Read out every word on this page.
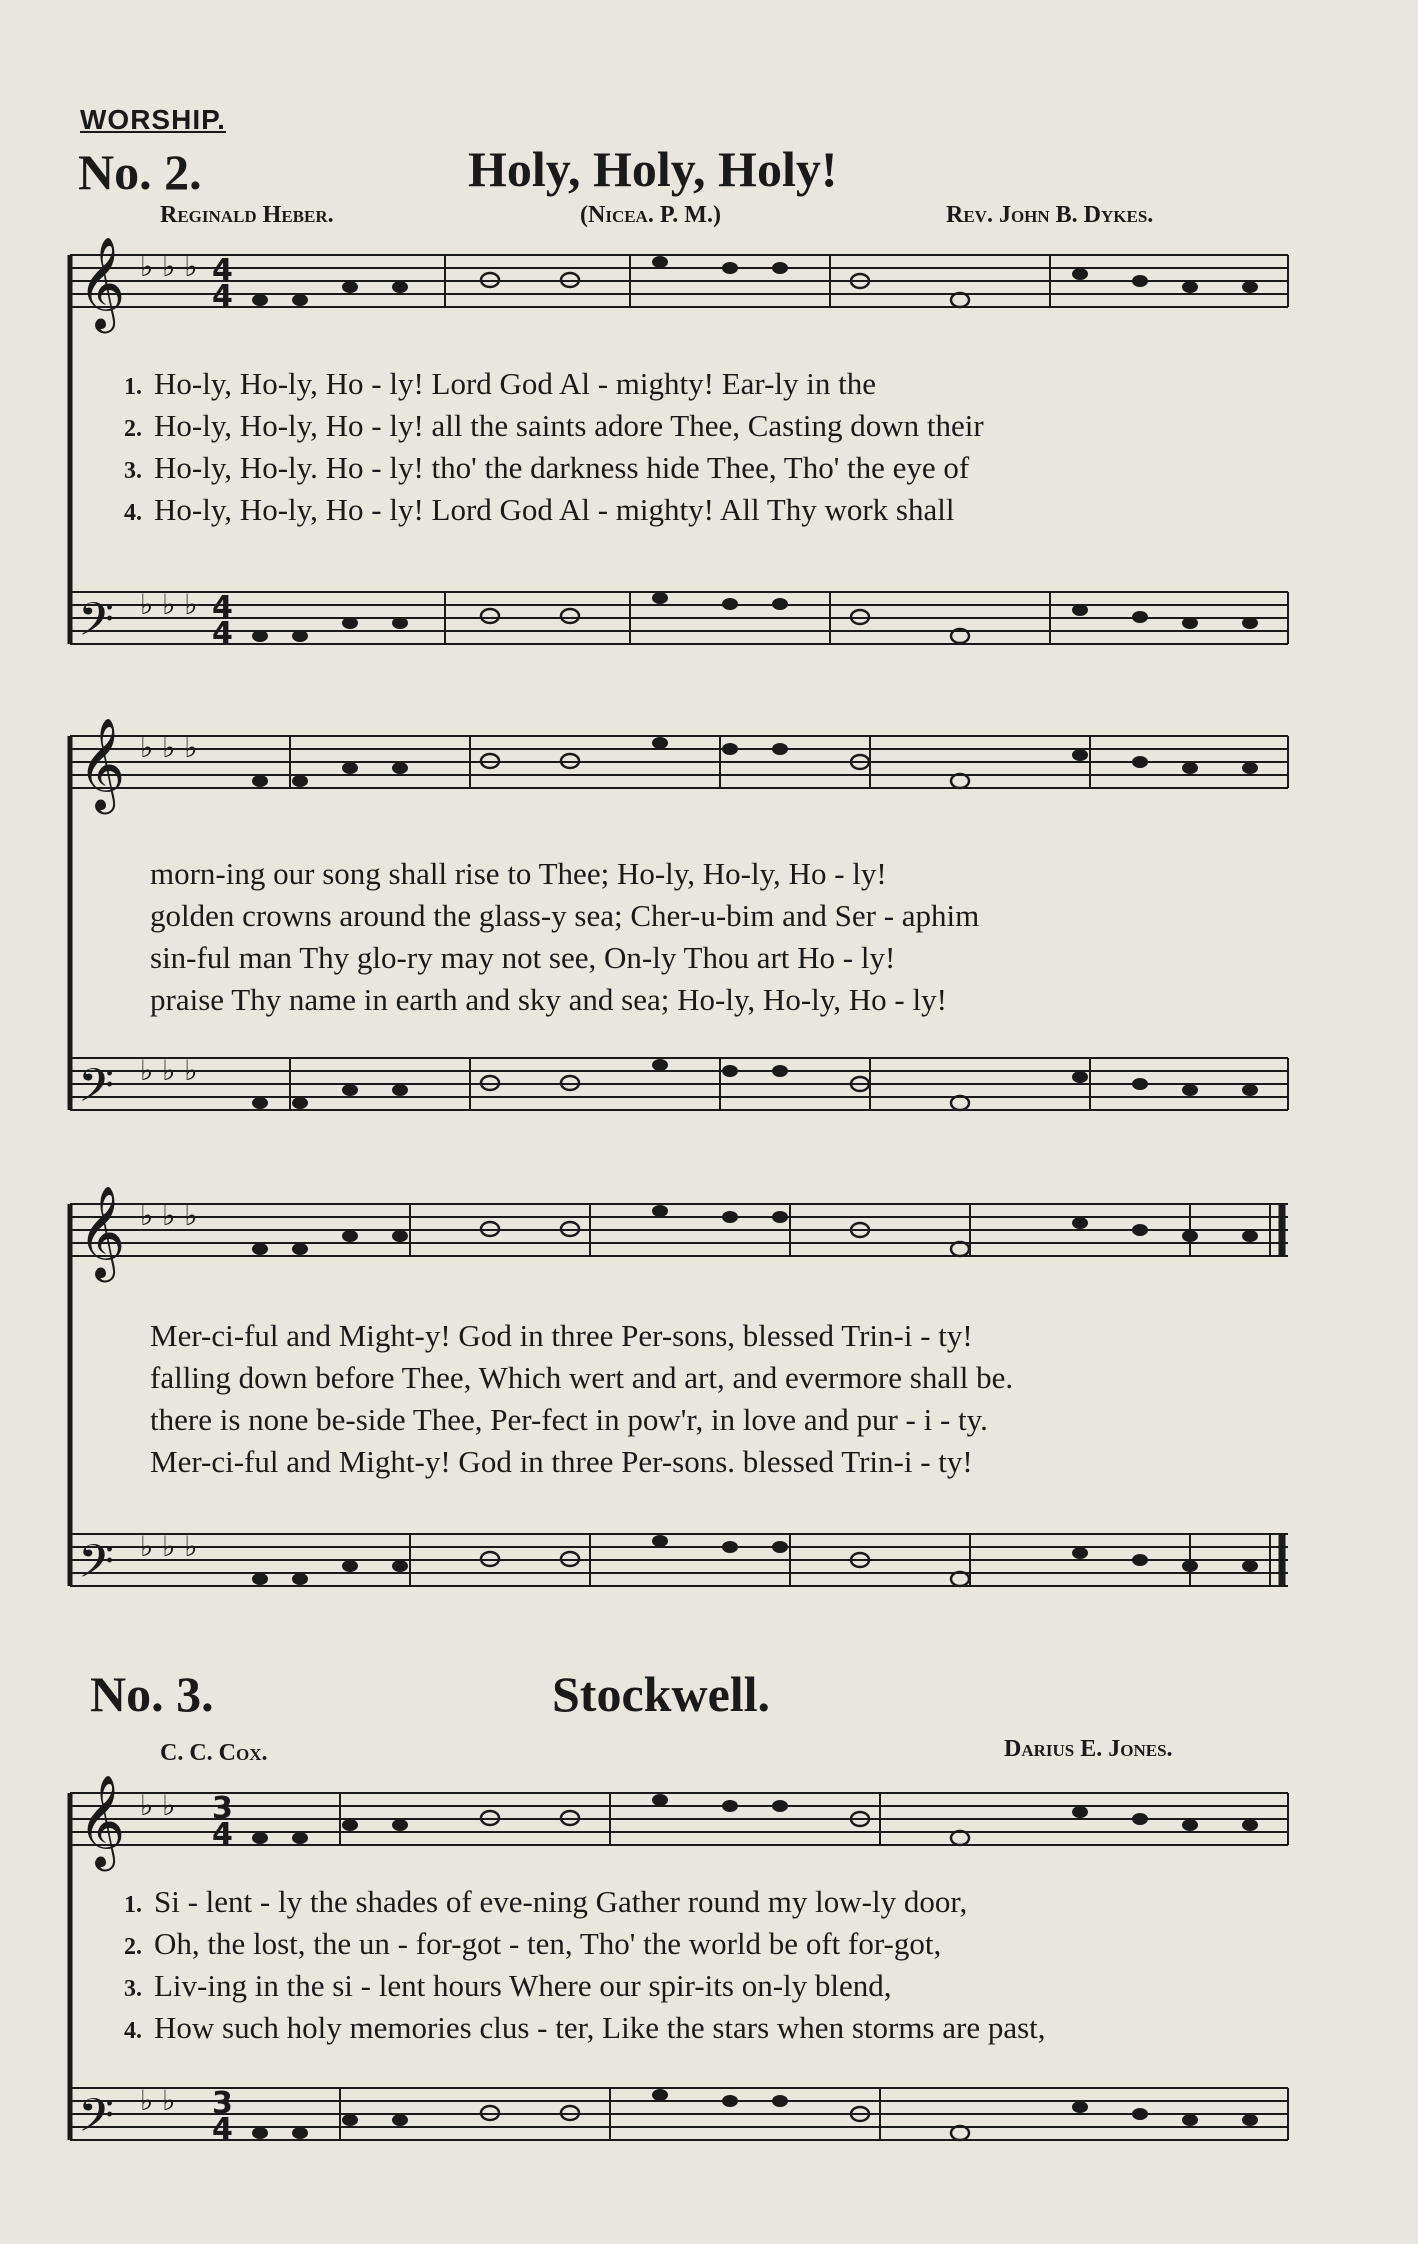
𝄞
𝄢
𝄞
𝄢
𝄞
𝄢
𝄞
𝄢
♭ ♭ ♭
♭ ♭ ♭
♭ ♭ ♭
♭ ♭ ♭
♭ ♭ ♭
♭ ♭ ♭
♭ ♭
♭ ♭
4
4
4
4
3
4
3
4
WORSHIP.
No. 2.	Holy, Holy, Holy!
Reginald Heber.	(Nicea. P. M.)	Rev. John B. Dykes.
1. Ho-ly, Ho-ly, Ho - ly! Lord God Al - mighty! Ear-ly in the
2. Ho-ly, Ho-ly, Ho - ly! all the saints adore Thee, Casting down their
3. Ho-ly, Ho-ly. Ho - ly! tho' the darkness hide Thee, Tho' the eye of
4. Ho-ly, Ho-ly, Ho - ly! Lord God Al - mighty! All Thy work shall
morn-ing our song shall rise to Thee; Ho-ly, Ho-ly, Ho - ly!
golden crowns around the glass-y sea; Cher-u-bim and Ser - aphim
sin-ful man Thy glo-ry may not see, On-ly Thou art Ho - ly!
praise Thy name in earth and sky and sea; Ho-ly, Ho-ly, Ho - ly!
Mer-ci-ful and Might-y! God in three Per-sons, blessed Trin-i - ty!
falling down before Thee, Which wert and art, and evermore shall be.
there is none be-side Thee, Per-fect in pow'r, in love and pur - i - ty.
Mer-ci-ful and Might-y! God in three Per-sons. blessed Trin-i - ty!
No. 3.	Stockwell.
C. C. Cox.	Darius E. Jones.
1. Si - lent - ly the shades of eve-ning Gather round my low-ly door,
2. Oh, the lost, the un - for-got - ten, Tho' the world be oft for-got,
3. Liv-ing in the si - lent hours Where our spir-its on-ly blend,
4. How such holy memories clus - ter, Like the stars when storms are past,
